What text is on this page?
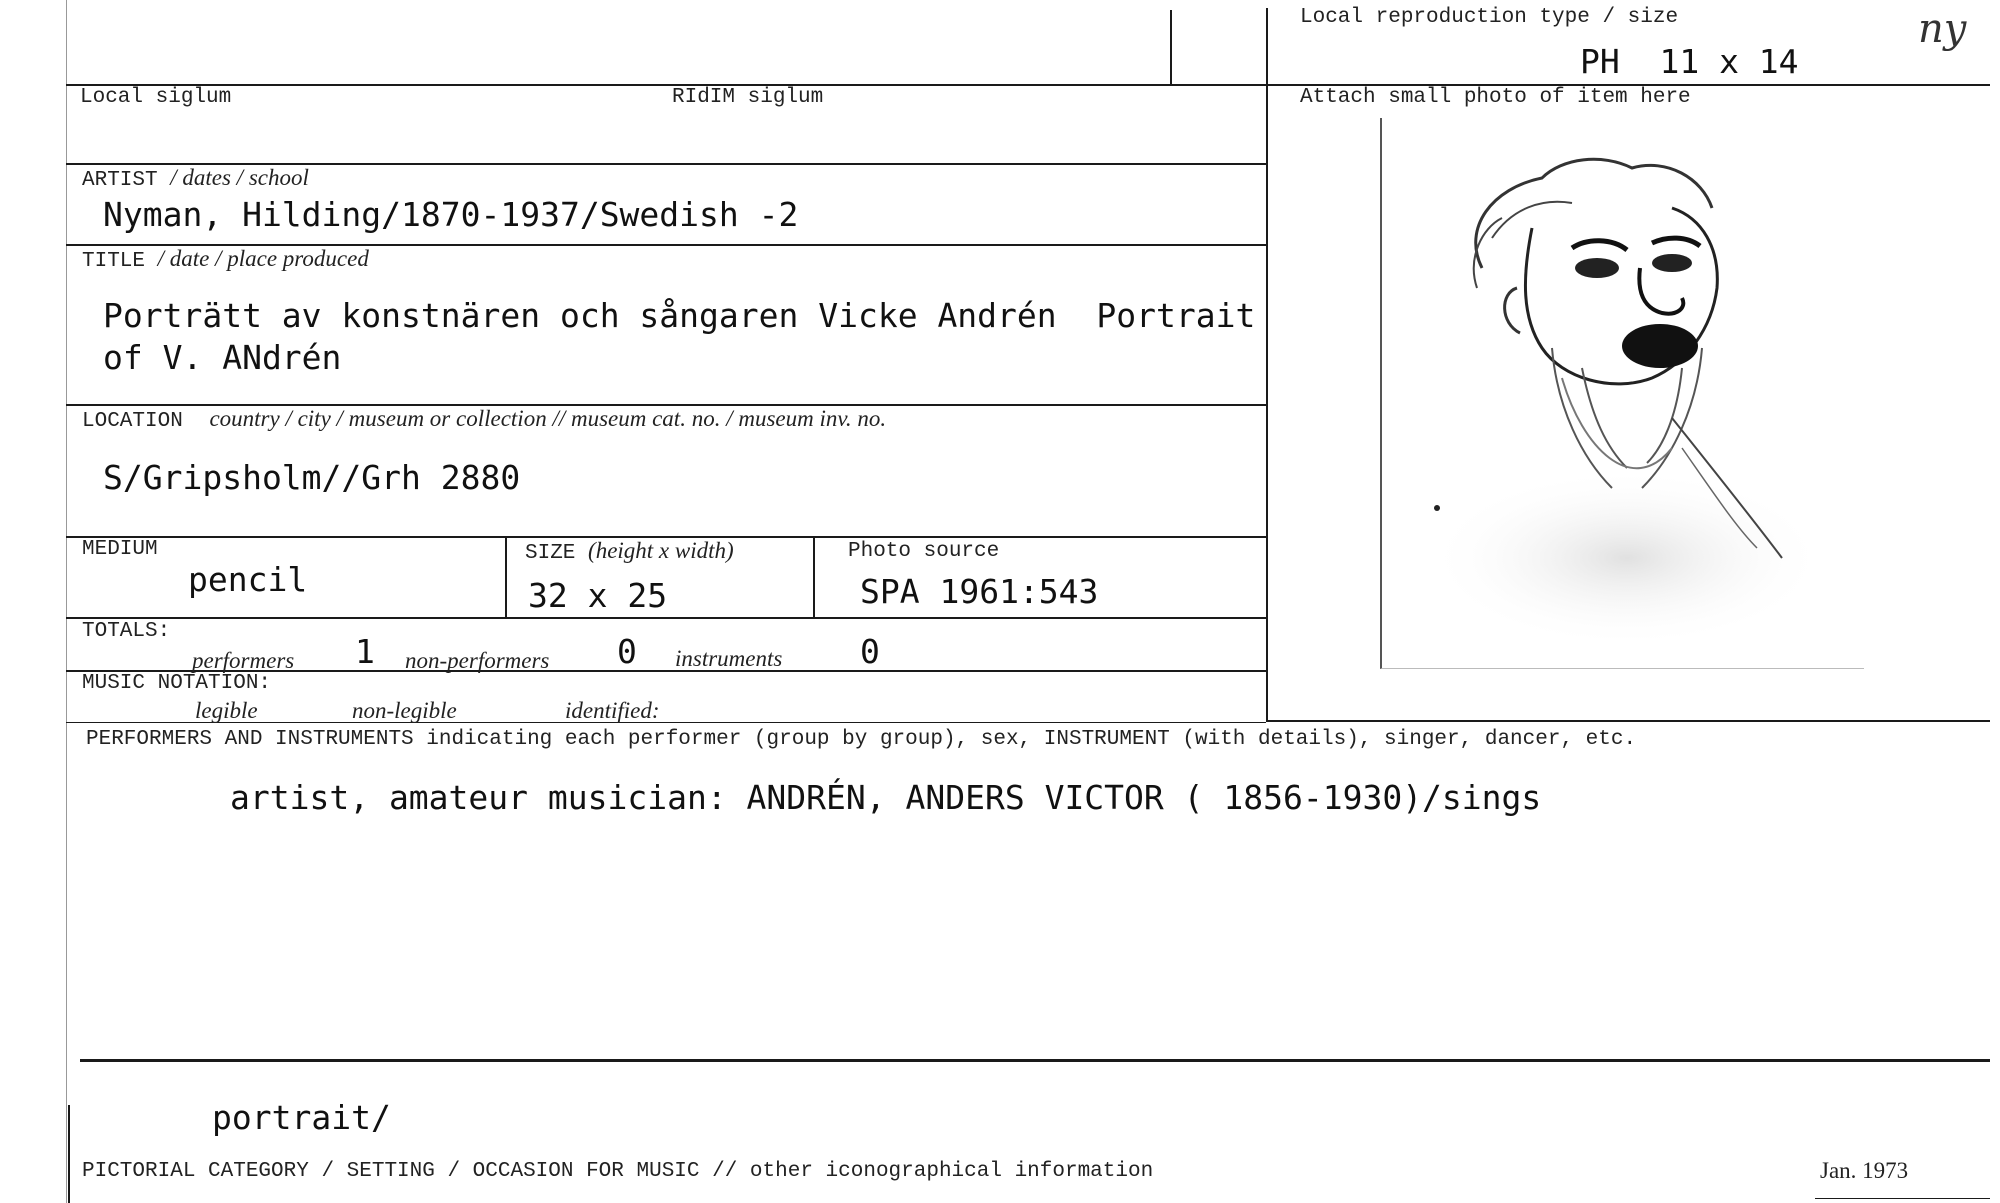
Local reproduction type / size
PH  11 x 14
ny
Local siglum	RIdIM siglum	Attach small photo of item here
ARTIST / dates / school
Nyman, Hilding/1870-1937/Swedish -2
TITLE / date / place produced
Porträtt av konstnären och sångaren Vicke Andrén  Portrait
of V. ANdrén
LOCATION country / city / museum or collection // museum cat. no. / museum inv. no.
S/Gripsholm//Grh 2880
MEDIUM
pencil
SIZE (height x width)
32 x 25
Photo source
SPA 1961:543
TOTALS:
performers 1 non-performers 0 instruments 0
MUSIC NOTATION:
legible	non-legible	identified:
PERFORMERS AND INSTRUMENTS indicating each performer (group by group), sex, INSTRUMENT (with details), singer, dancer, etc.
artist, amateur musician: ANDRÉN, ANDERS VICTOR ( 1856-1930)/sings
portrait/
PICTORIAL CATEGORY / SETTING / OCCASION FOR MUSIC // other iconographical information	Jan. 1973
